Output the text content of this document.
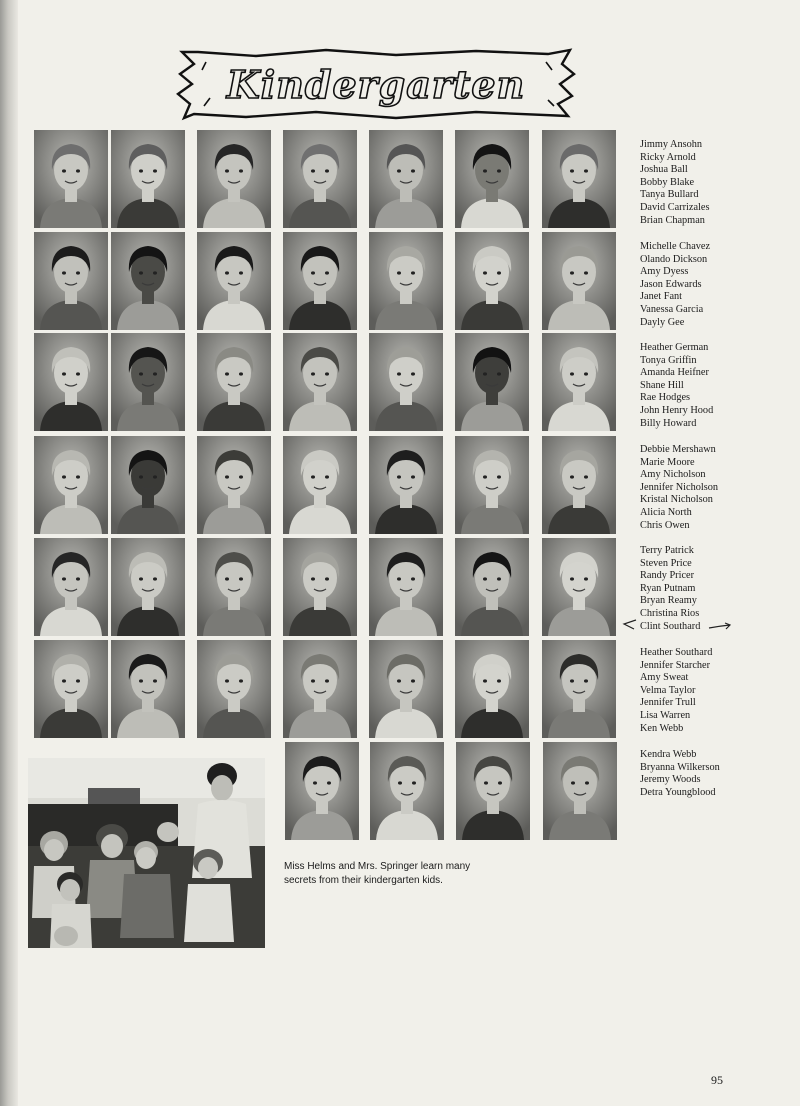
Kindergarten
Jimmy Ansohn
Ricky Arnold
Joshua Ball
Bobby Blake
Tanya Bullard
David Carrizales
Brian Chapman
Michelle Chavez
Olando Dickson
Amy Dyess
Jason Edwards
Janet Fant
Vanessa Garcia
Dayly Gee
Heather German
Tonya Griffin
Amanda Heifner
Shane Hill
Rae Hodges
John Henry Hood
Billy Howard
Debbie Mershawn
Marie Moore
Amy Nicholson
Jennifer Nicholson
Kristal Nicholson
Alicia North
Chris Owen
Terry Patrick
Steven Price
Randy Pricer
Ryan Putnam
Bryan Reamy
Christina Rios
Clint Southard
Heather Southard
Jennifer Starcher
Amy Sweat
Velma Taylor
Jennifer Trull
Lisa Warren
Ken Webb
Kendra Webb
Bryanna Wilkerson
Jeremy Woods
Detra Youngblood
Miss Helms and Mrs. Springer learn many secrets from their kindergarten kids.
95
